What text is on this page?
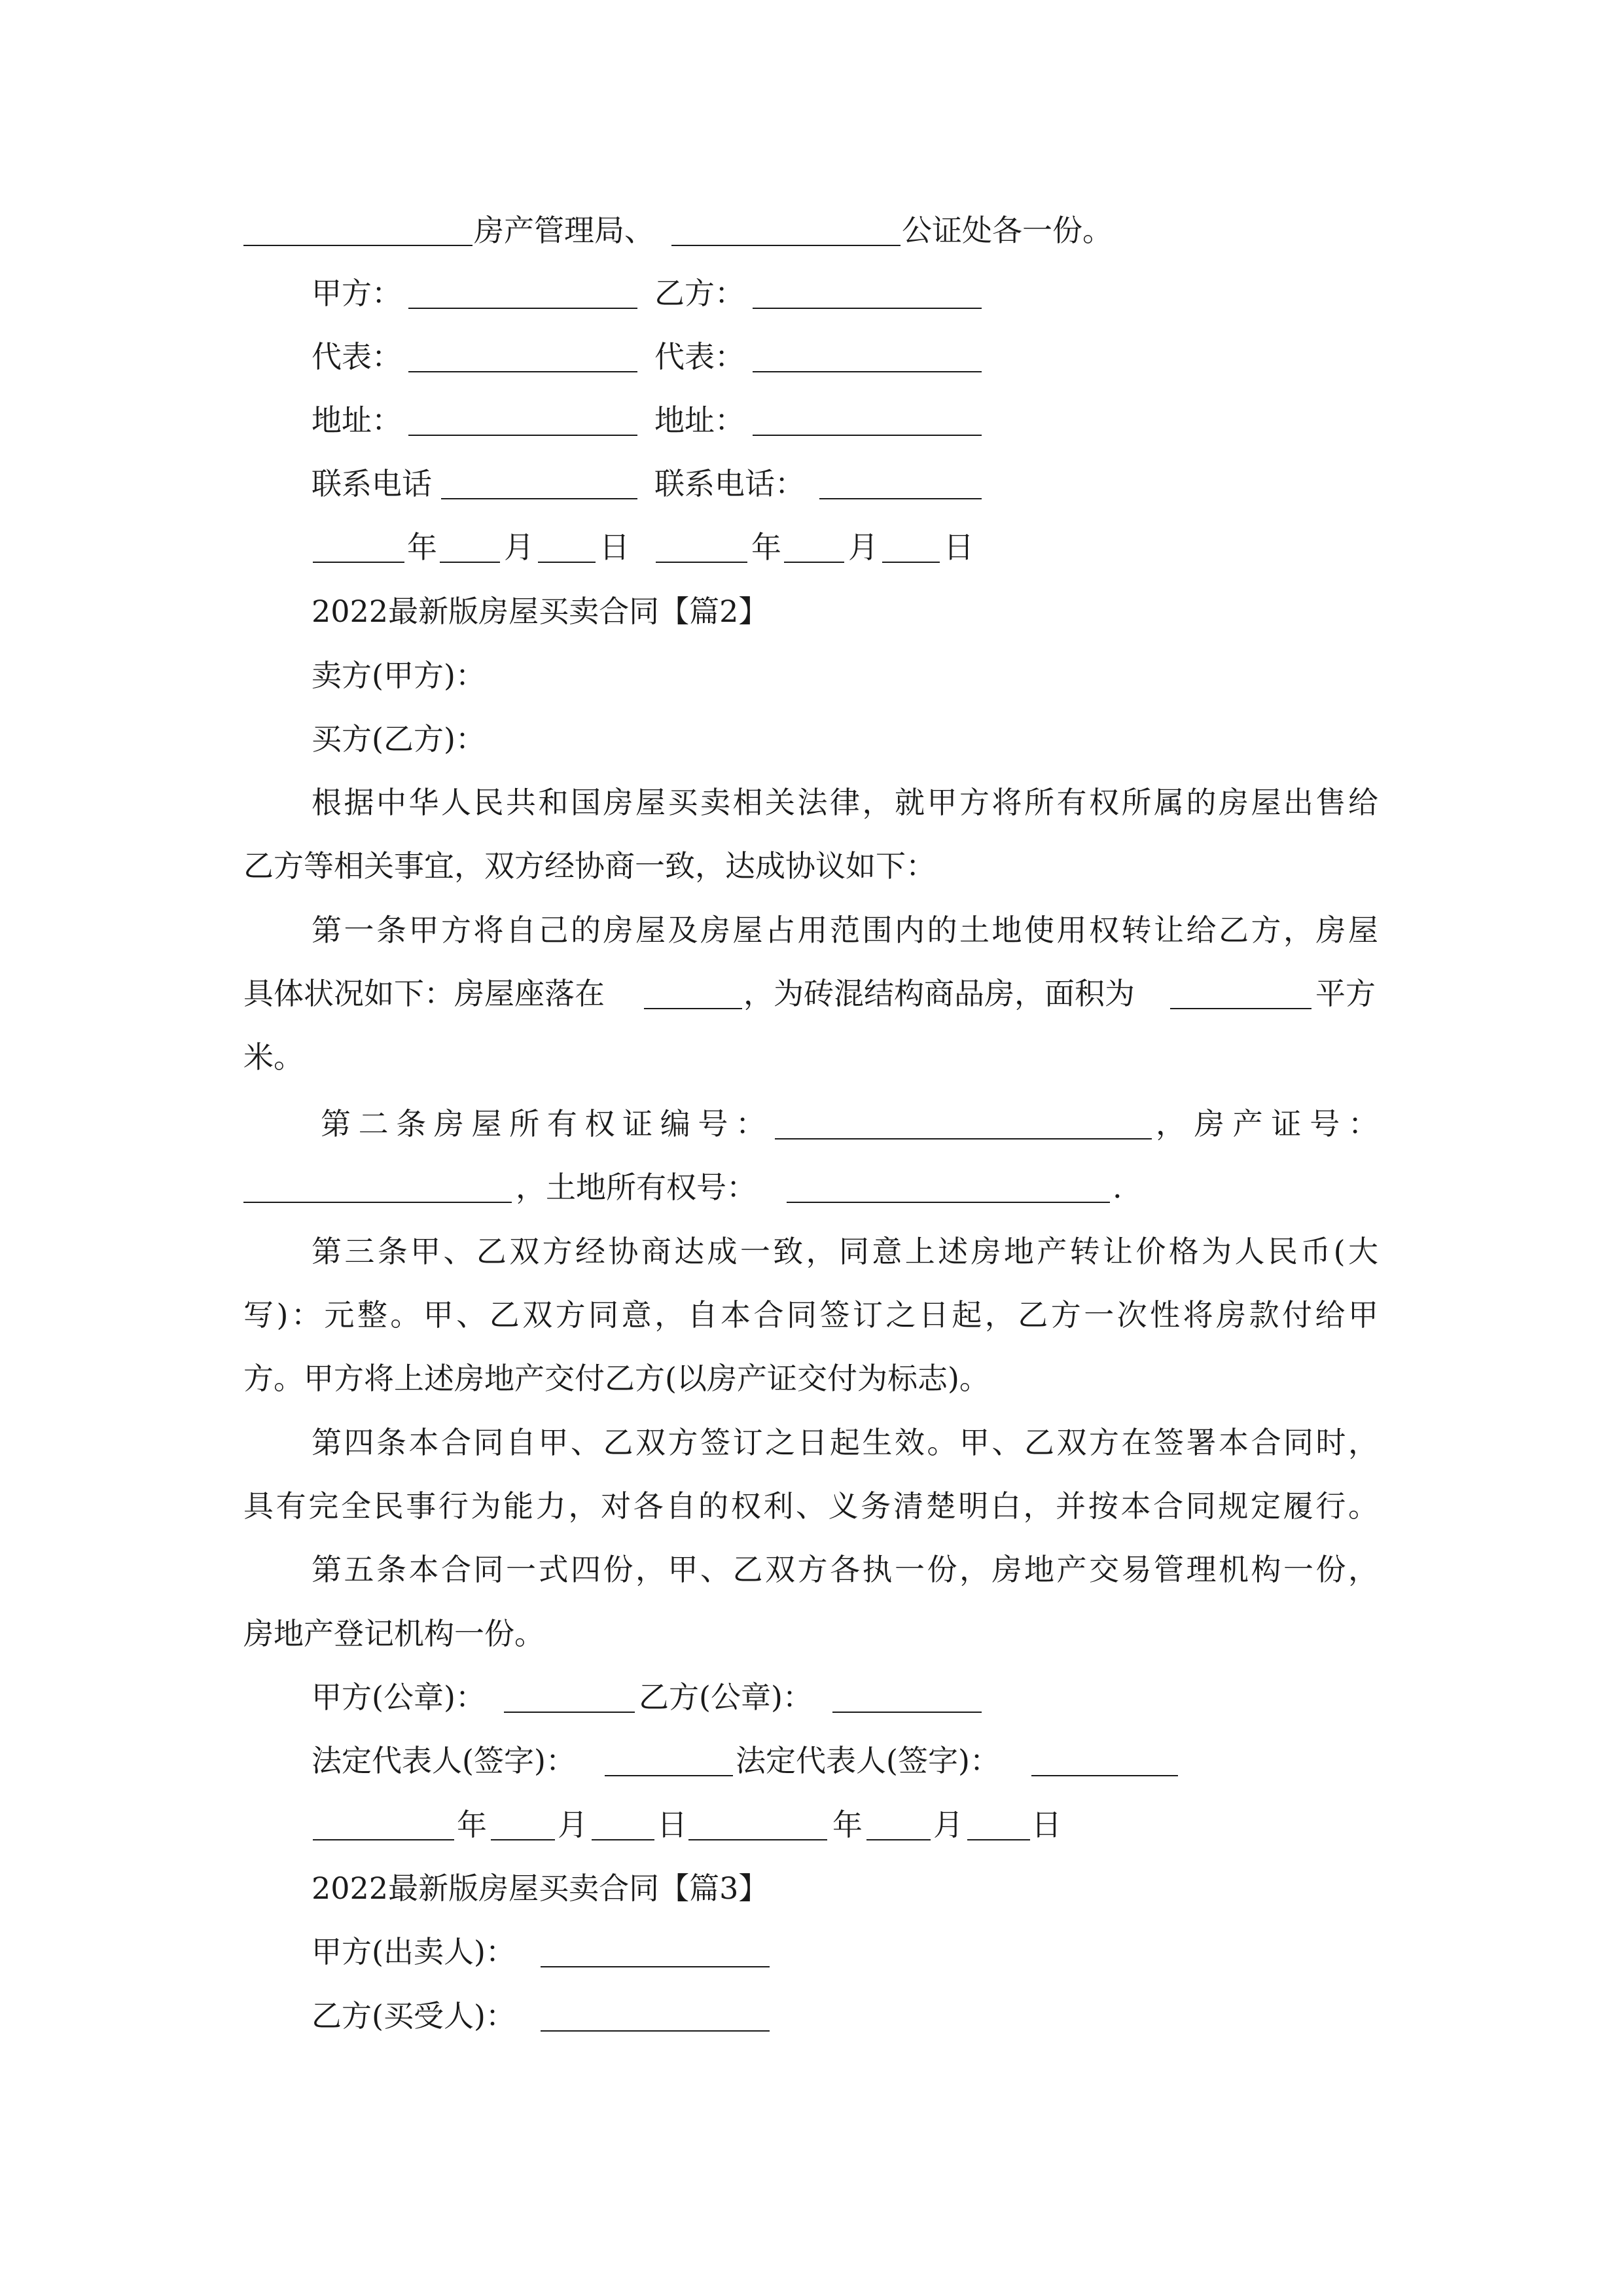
房产管理局、	公证处各一份。
甲方：	乙方：
代表：	代表：
地址：	地址：
联系电话	联系电话：
年 月 日	年 月 日
2022最新版房屋买卖合同【篇2】
卖方(甲方)：
买方(乙方)：
根据中华人民共和国房屋买卖相关法律，就甲方将所有权所属的房屋出售给
乙方等相关事宜，双方经协商一致，达成协议如下：
第一条甲方将自己的房屋及房屋占用范围内的土地使用权转让给乙方，房屋
具体状况如下：房屋座落在	，为砖混结构商品房，面积为	平方
米。
第二条房屋所有权证编号：	，房产证号：
，土地所有权号：	.
第三条甲、乙双方经协商达成一致，同意上述房地产转让价格为人民币(大
写)：元整。甲、乙双方同意，自本合同签订之日起，乙方一次性将房款付给甲
方。甲方将上述房地产交付乙方(以房产证交付为标志)。
第四条本合同自甲、乙双方签订之日起生效。甲、乙双方在签署本合同时，
具有完全民事行为能力，对各自的权利、义务清楚明白，并按本合同规定履行。
第五条本合同一式四份，甲、乙双方各执一份，房地产交易管理机构一份，
房地产登记机构一份。
甲方(公章)：	乙方(公章)：
法定代表人(签字)：	法定代表人(签字)：
年 月 日	年 月 日
2022最新版房屋买卖合同【篇3】
甲方(出卖人)：
乙方(买受人)：
